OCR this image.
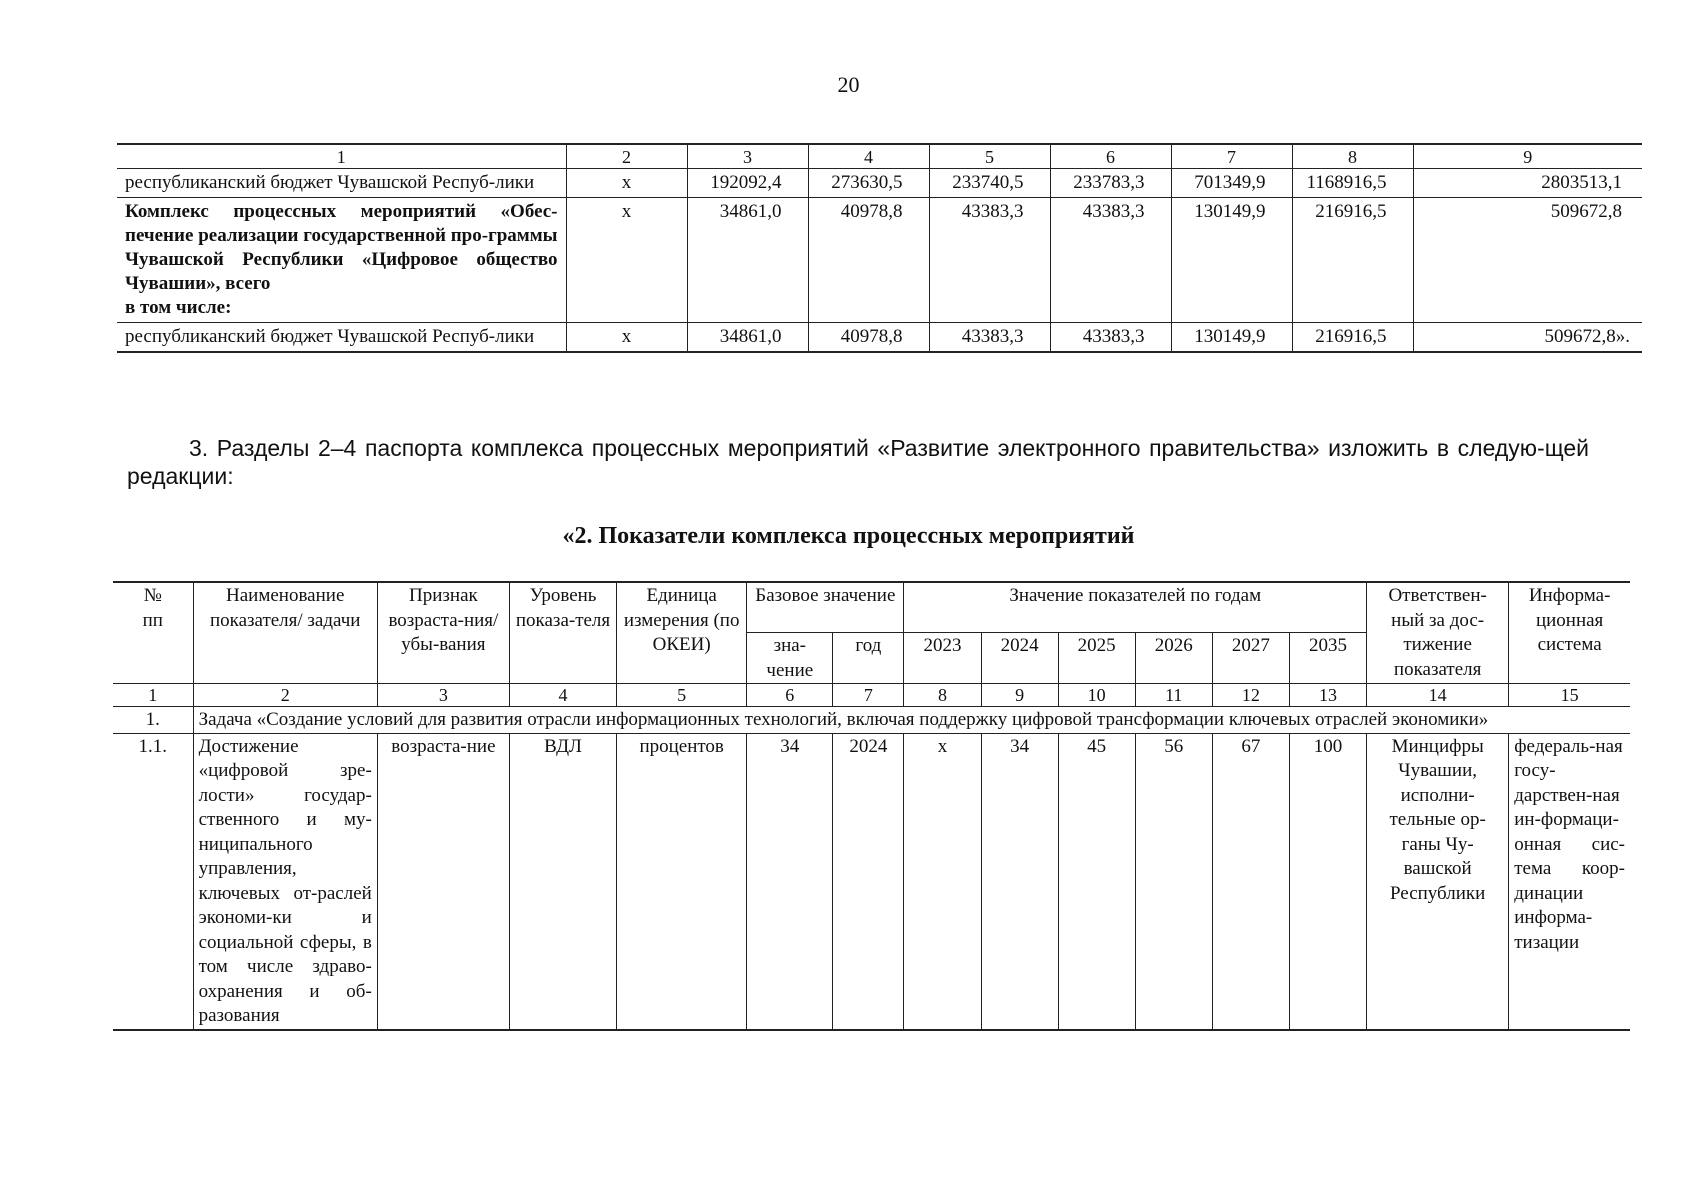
20
1	2	3	4	5	6	7	8	9
республиканский бюджет Чувашской Респуб-лики	х	192092,4	273630,5	233740,5	233783,3	701349,9	1168916,5	2803513,1
Комплекс процессных мероприятий «Обес-печение реализации государственной про-граммы Чувашской Республики «Цифровое общество Чувашии», всего
в том числе:	х	34861,0	40978,8	43383,3	43383,3	130149,9	216916,5	509672,8
республиканский бюджет Чувашской Респуб-лики	х	34861,0	40978,8	43383,3	43383,3	130149,9	216916,5	509672,8».
3. Разделы 2–4 паспорта комплекса процессных мероприятий «Развитие электронного правительства» изложить в следую-щей редакции:
«2. Показатели комплекса процессных мероприятий
№
пп	Наименование показателя/ задачи	Признак возраста-ния/убы-вания	Уровень показа-теля	Единица измерения (по ОКЕИ)	Базовое значение		Значение показателей по годам						Ответствен-ный за дос-тижение показателя	Информа-ционная система

					зна-чение	год	2023	2024	2025	2026	2027	2035		
1	2	3	4	5	6	7	8	9	10	11	12	13	14	15
1.	Задача «Создание условий для развития отрасли информационных технологий, включая поддержку цифровой трансформации ключевых отраслей экономики»													
1.1.	Достижение «цифровой зре-лости» государ-ственного и му-ниципального управления, ключевых от-раслей экономи-ки и социальной сферы, в том числе здраво-охранения и об-разования	возраста-ние	ВДЛ	процентов	34	2024	х	34	45	56	67	100	Минцифры Чувашии, исполни-тельные ор-ганы Чу-вашской Республики	федераль-ная госу-дарствен-ная ин-формаци-онная сис-тема коор-динации информа-тизации
